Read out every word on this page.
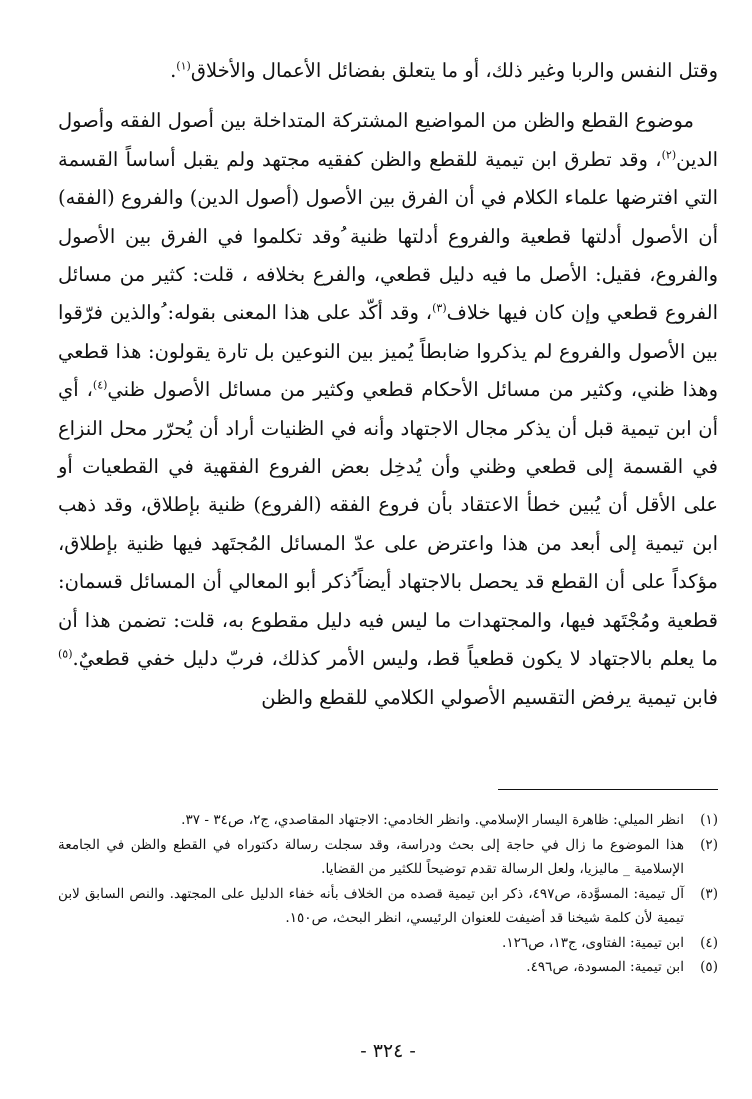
وقتل النفس والربا وغير ذلك، أو ما يتعلق بفضائل الأعمال والأخلاق$^{(١)}$.

موضوع القطع والظن من المواضيع المشتركة المتداخلة بين أصول الفقه وأصول الدين$^{(٢)}$، وقد تطرق ابن تيمية للقطع والظن كفقيه مجتهد ولم يقبل أساساً القسمة التي افترضها علماء الكلام في أن الفرق بين الأصول (أصول الدين) والفروع (الفقه) أن الأصول أدلتها قطعية والفروع أدلتها ظنية ُوقد تكلموا في الفرق بين الأصول والفروع، فقيل: الأصل ما فيه دليل قطعي، والفرع بخلافه ، قلت: كثير من مسائل الفروع قطعي وإن كان فيها خلاف$^{(٣)}$، وقد أكّد على هذا المعنى بقوله: ُوالذين فرّقوا بين الأصول والفروع لم يذكروا ضابطاً يُميز بين النوعين بل تارة يقولون: هذا قطعي وهذا ظني، وكثير من مسائل الأحكام قطعي وكثير من مسائل الأصول ظني$^{(٤)}$، أي أن ابن تيمية قبل أن يذكر مجال الاجتهاد وأنه في الظنيات أراد أن يُحرّر محل النزاع في القسمة إلى قطعي وظني وأن يُدخِل بعض الفروع الفقهية في القطعيات أو على الأقل أن يُبين خطأ الاعتقاد بأن فروع الفقه (الفروع) ظنية بإطلاق، وقد ذهب ابن تيمية إلى أبعد من هذا واعترض على عدّ المسائل المُجتَهد فيها ظنية بإطلاق، مؤكداً على أن القطع قد يحصل بالاجتهاد أيضاً ُذكر أبو المعالي أن المسائل قسمان: قطعية ومُجْتَهد فيها، والمجتهدات ما ليس فيه دليل مقطوع به، قلت: تضمن هذا أن ما يعلم بالاجتهاد لا يكون قطعياً قط، وليس الأمر كذلك، فربّ دليل خفي قطعيٌ.$^{(٥)}$ فابن تيمية يرفض التقسيم الأصولي الكلامي للقطع والظن

(١)
انظر الميلي: ظاهرة اليسار الإسلامي. وانظر الخادمي: الاجتهاد المقاصدي، ج٢، ص٣٤ - ٣٧.
(٢)
هذا الموضوع ما زال في حاجة إلى بحث ودراسة، وقد سجلت رسالة دكتوراه في القطع والظن في الجامعة الإسلامية _ ماليزيا، ولعل الرسالة تقدم توضيحاً للكثير من القضايا.
(٣)
آل تيمية: المسوَّدة، ص٤٩٧، ذكر ابن تيمية قصده من الخلاف بأنه خفاء الدليل على المجتهد. والنص السابق لابن تيمية لأن كلمة شيخنا قد أضيفت للعنوان الرئيسي، انظر البحث، ص١٥٠.
(٤)
ابن تيمية: الفتاوى، ج١٣، ص١٢٦.
(٥)
ابن تيمية: المسودة، ص٤٩٦.
- ٣٢٤ -
